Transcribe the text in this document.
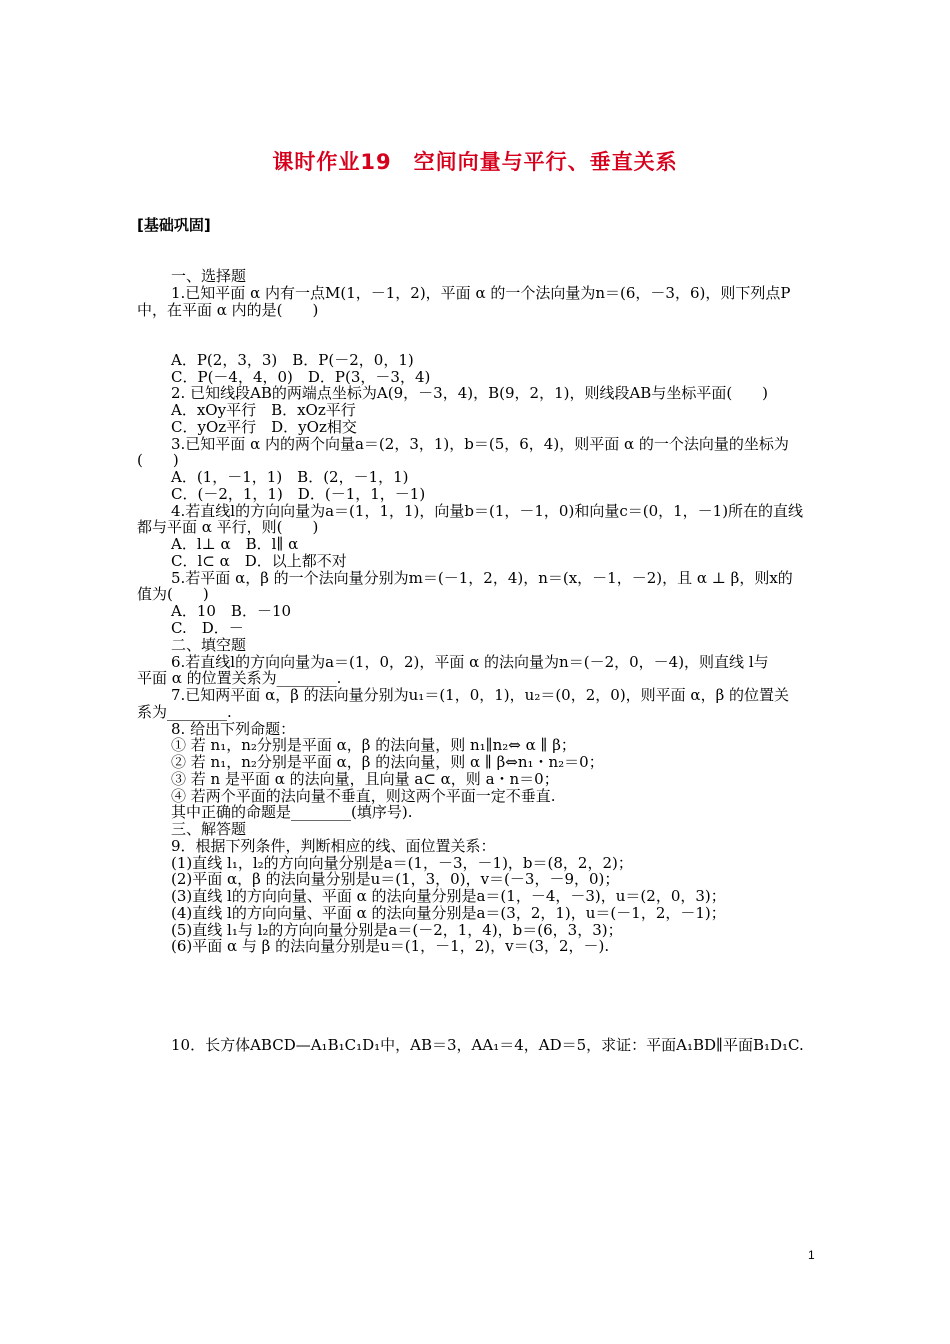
课时作业19　空间向量与平行、垂直关系
[基础巩固]
一、选择题
1.已知平面 α 内有一点M(1，－1，2)，平面 α 的一个法向量为n＝(6，－3，6)，则下列点P
中，在平面 α 内的是(　　)
A．P(2，3，3)　B．P(－2，0，1)
C．P(－4，4，0)　D．P(3，－3，4)
2. 已知线段AB的两端点坐标为A(9，－3，4)，B(9，2，1)，则线段AB与坐标平面(　　)
A．xOy平行　B．xOz平行
C．yOz平行　D．yOz相交
3.已知平面 α 内的两个向量a＝(2，3，1)，b＝(5，6，4)，则平面 α 的一个法向量的坐标为
(　　)
A．(1，－1，1)　B．(2，－1，1)
C．(－2，1，1)　D．(－1，1，－1)
4.若直线l的方向向量为a＝(1，1，1)，向量b＝(1，－1，0)和向量c＝(0，1，－1)所在的直线
都与平面 α 平行，则(　　)
A．l⊥ α　B．l∥ α
C．l⊂ α　D．以上都不对
5.若平面 α，β 的一个法向量分别为m＝(－1，2，4)，n＝(x，－1，－2)，且 α ⊥ β，则x的
值为(　　)
A．10　B．－10
C.　D．－
二、填空题
6.若直线l的方向向量为a＝(1，0，2)，平面 α 的法向量为n＝(－2，0，－4)，则直线 l与
平面 α 的位置关系为________.
7.已知两平面 α，β 的法向量分别为u₁＝(1，0，1)，u₂＝(0，2，0)，则平面 α，β 的位置关
系为________.
8. 给出下列命题：
① 若 n₁，n₂分别是平面 α，β 的法向量，则 n₁∥n₂⇔ α ∥ β；
② 若 n₁，n₂分别是平面 α，β 的法向量，则 α ∥ β⇔n₁・n₂＝0；
③ 若 n 是平面 α 的法向量，且向量 a⊂ α，则 a・n＝0；
④ 若两个平面的法向量不垂直，则这两个平面一定不垂直.
其中正确的命题是________(填序号).
三、解答题
9．根据下列条件，判断相应的线、面位置关系：
(1)直线 l₁，l₂的方向向量分别是a＝(1，－3，－1)，b＝(8，2，2)；
(2)平面 α，β 的法向量分别是u＝(1，3，0)，v＝(－3，－9，0)；
(3)直线 l的方向向量、平面 α 的法向量分别是a＝(1，－4，－3)，u＝(2，0，3)；
(4)直线 l的方向向量、平面 α 的法向量分别是a＝(3，2，1)，u＝(－1，2，－1)；
(5)直线 l₁与 l₂的方向向量分别是a＝(－2，1，4)，b＝(6，3，3)；
(6)平面 α 与 β 的法向量分别是u＝(1，－1，2)，v＝(3，2，－).
10．长方体ABCD—A₁B₁C₁D₁中，AB＝3，AA₁＝4，AD＝5，求证：平面A₁BD∥平面B₁D₁C.
1
